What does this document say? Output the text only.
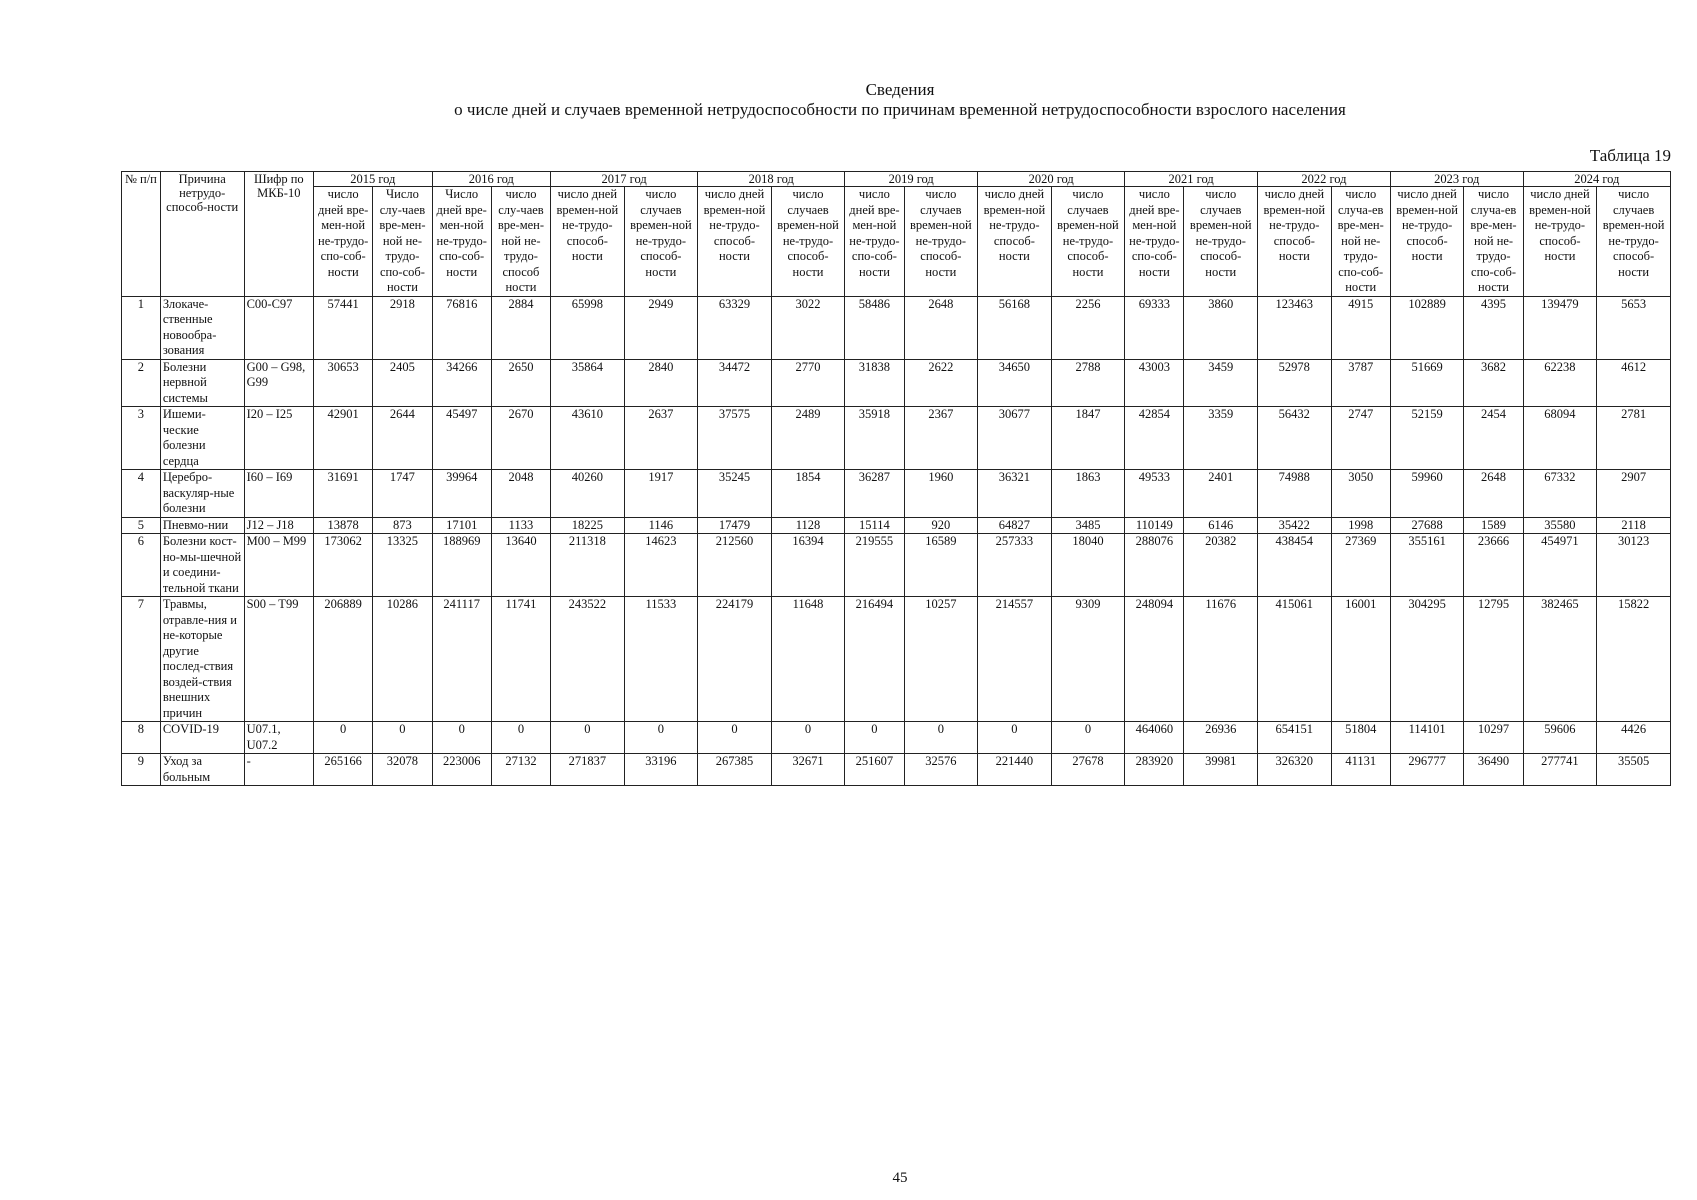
Сведения
о числе дней и случаев временной нетрудоспособности по причинам временной нетрудоспособности взрослого населения
Таблица 19
№ п/п	Причина нетрудо-способ-ности	Шифр по МКБ-10	2015 год		2016 год		2017 год		2018 год		2019 год		2020 год		2021 год		2022 год		2023 год		2024 год	
			число дней вре-мен-ной не-трудо-спо-соб-ности	Число слу-чаев вре-мен-ной не-трудо-спо-соб-ности	Число дней вре-мен-ной не-трудо-спо-соб-ности	число слу-чаев вре-мен-ной не-трудо-способ ности	число дней времен-ной не-трудо-способ-ности	число случаев времен-ной не-трудо-способ-ности	число дней времен-ной не-трудо-способ-ности	число случаев времен-ной не-трудо-способ-ности	число дней вре-мен-ной не-трудо-спо-соб-ности	число случаев времен-ной не-трудо-способ-ности	число дней времен-ной не-трудо-способ-ности	число случаев времен-ной не-трудо-способ-ности	число дней вре-мен-ной не-трудо-спо-соб-ности	число случаев времен-ной не-трудо-способ-ности	число дней времен-ной не-трудо-способ-ности	число случа-ев вре-мен-ной не-трудо-спо-соб-ности	число дней времен-ной не-трудо-способ-ности	число случа-ев вре-мен-ной не-трудо-спо-соб-ности	число дней времен-ной не-трудо-способ-ности	число случаев времен-ной не-трудо-способ-ности
1	Злокаче-ственные новообра-зования	С00-С97	57441	2918	76816	2884	65998	2949	63329	3022	58486	2648	56168	2256	69333	3860	123463	4915	102889	4395	139479	5653
2	Болезни нервной системы	G00 – G98, G99	30653	2405	34266	2650	35864	2840	34472	2770	31838	2622	34650	2788	43003	3459	52978	3787	51669	3682	62238	4612
3	Ишеми-ческие болезни сердца	I20 – I25	42901	2644	45497	2670	43610	2637	37575	2489	35918	2367	30677	1847	42854	3359	56432	2747	52159	2454	68094	2781
4	Церебро-васкуляр-ные болезни	I60 – I69	31691	1747	39964	2048	40260	1917	35245	1854	36287	1960	36321	1863	49533	2401	74988	3050	59960	2648	67332	2907
5	Пневмо-нии	J12 – J18	13878	873	17101	1133	18225	1146	17479	1128	15114	920	64827	3485	110149	6146	35422	1998	27688	1589	35580	2118
6	Болезни кост-но-мы-шечной и соедини-тельной ткани	M00 – M99	173062	13325	188969	13640	211318	14623	212560	16394	219555	16589	257333	18040	288076	20382	438454	27369	355161	23666	454971	30123
7	Травмы, отравле-ния и не-которые другие послед-ствия воздей-ствия внешних причин	S00 – T99	206889	10286	241117	11741	243522	11533	224179	11648	216494	10257	214557	9309	248094	11676	415061	16001	304295	12795	382465	15822
8	COVID-19	U07.1, U07.2	0	0	0	0	0	0	0	0	0	0	0	0	464060	26936	654151	51804	114101	10297	59606	4426
9	Уход за больным	-	265166	32078	223006	27132	271837	33196	267385	32671	251607	32576	221440	27678	283920	39981	326320	41131	296777	36490	277741	35505
45
